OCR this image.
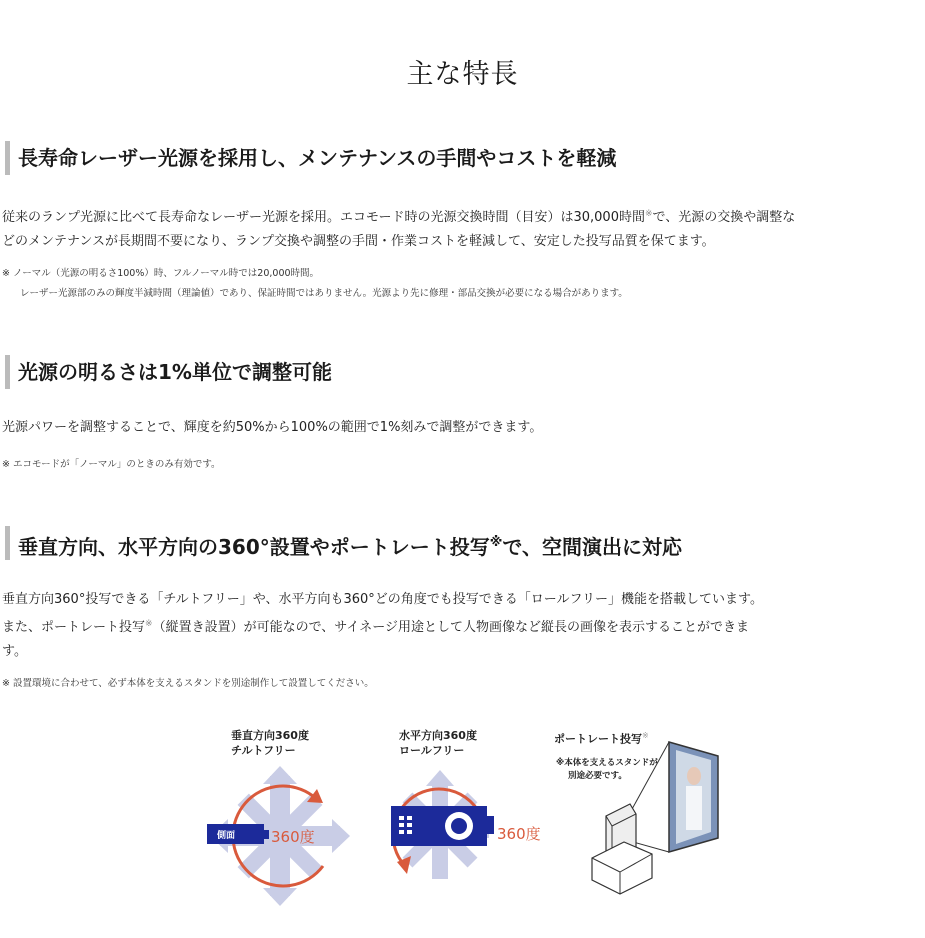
主な特長
長寿命レーザー光源を採用し、メンテナンスの手間やコストを軽減
従来のランプ光源に比べて長寿命なレーザー光源を採用。エコモード時の光源交換時間（目安）は30,000時間※で、光源の交換や調整な
どのメンテナンスが長期間不要になり、ランプ交換や調整の手間・作業コストを軽減して、安定した投写品質を保てます。
※ ノーマル（光源の明るさ100%）時、フルノーマル時では20,000時間。
レーザー光源部のみの輝度半減時間（理論値）であり、保証時間ではありません。光源より先に修理・部品交換が必要になる場合があります。
光源の明るさは1%単位で調整可能
光源パワーを調整することで、輝度を約50%から100%の範囲で1%刻みで調整ができます。
※ エコモードが「ノーマル」のときのみ有効です。
垂直方向、水平方向の360°設置やポートレート投写※で、空間演出に対応
垂直方向360°投写できる「チルトフリー」や、水平方向も360°どの角度でも投写できる「ロールフリー」機能を搭載しています。
また、ポートレート投写※（縦置き設置）が可能なので、サイネージ用途として人物画像など縦長の画像を表示することができま
す。
※ 設置環境に合わせて、必ず本体を支えるスタンドを別途制作して設置してください。
垂直方向360度
チルトフリー
側面 360度
水平方向360度
ロールフリー
360度
ポートレート投写※
※本体を支えるスタンドが
別途必要です。
